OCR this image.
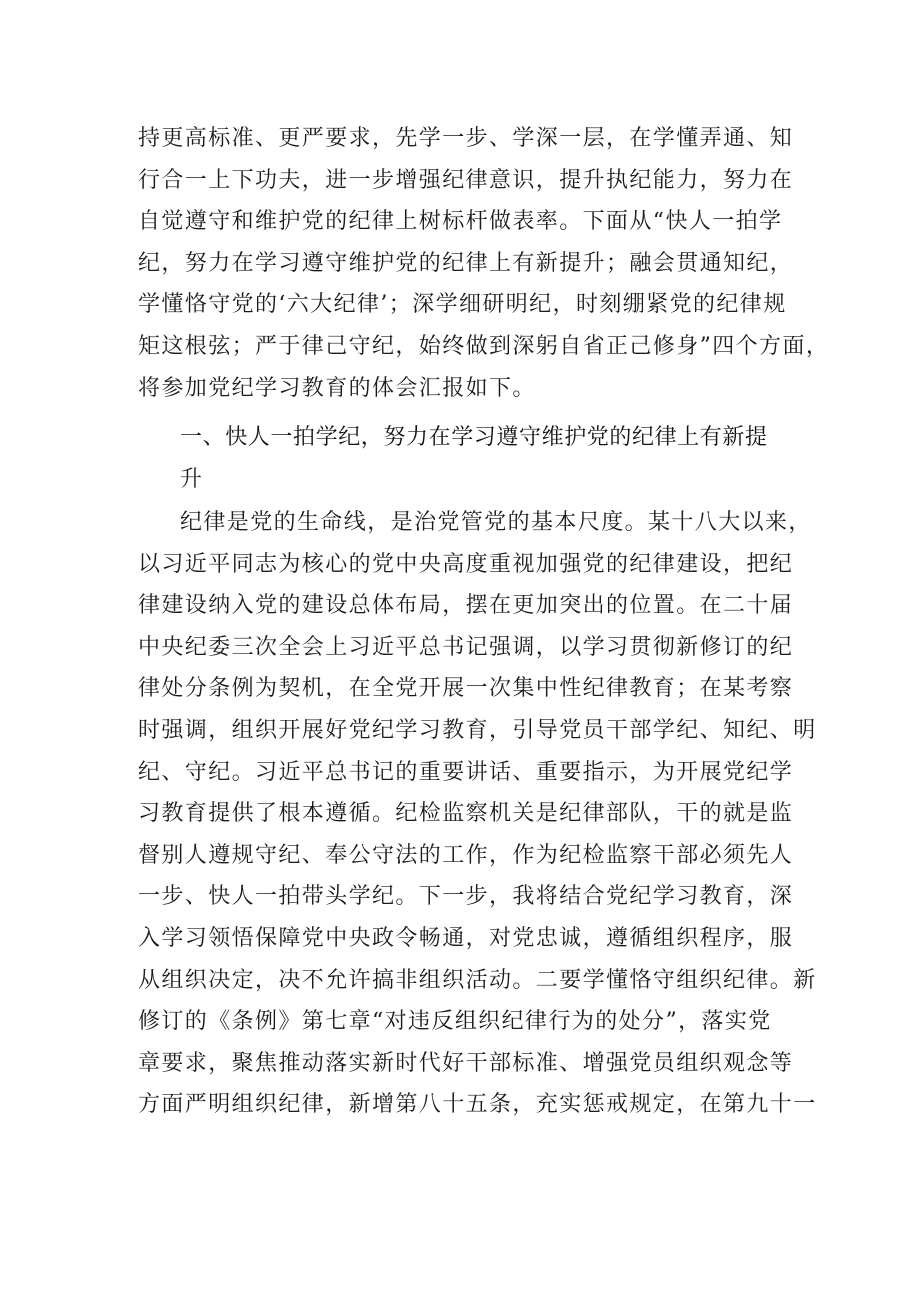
持更高标准、更严要求，先学一步、学深一层，在学懂弄通、知
行合一上下功夫，进一步增强纪律意识，提升执纪能力，努力在
自觉遵守和维护党的纪律上树标杆做表率。下面从“快人一拍学
纪，努力在学习遵守维护党的纪律上有新提升；融会贯通知纪，
学懂恪守党的‘六大纪律’；深学细研明纪，时刻绷紧党的纪律规
矩这根弦；严于律己守纪，始终做到深躬自省正己修身”四个方面，
将参加党纪学习教育的体会汇报如下。
一、快人一拍学纪，努力在学习遵守维护党的纪律上有新提
升
纪律是党的生命线，是治党管党的基本尺度。某十八大以来，
以习近平同志为核心的党中央高度重视加强党的纪律建设，把纪
律建设纳入党的建设总体布局，摆在更加突出的位置。在二十届
中央纪委三次全会上习近平总书记强调，以学习贯彻新修订的纪
律处分条例为契机，在全党开展一次集中性纪律教育；在某考察
时强调，组织开展好党纪学习教育，引导党员干部学纪、知纪、明
纪、守纪。习近平总书记的重要讲话、重要指示，为开展党纪学
习教育提供了根本遵循。纪检监察机关是纪律部队，干的就是监
督别人遵规守纪、奉公守法的工作，作为纪检监察干部必须先人
一步、快人一拍带头学纪。下一步，我将结合党纪学习教育，深
入学习领悟保障党中央政令畅通，对党忠诚，遵循组织程序，服
从组织决定，决不允许搞非组织活动。二要学懂恪守组织纪律。新
修订的《条例》第七章“对违反组织纪律行为的处分”，落实党
章要求，聚焦推动落实新时代好干部标准、增强党员组织观念等
方面严明组织纪律，新增第八十五条，充实惩戒规定，在第九十一
